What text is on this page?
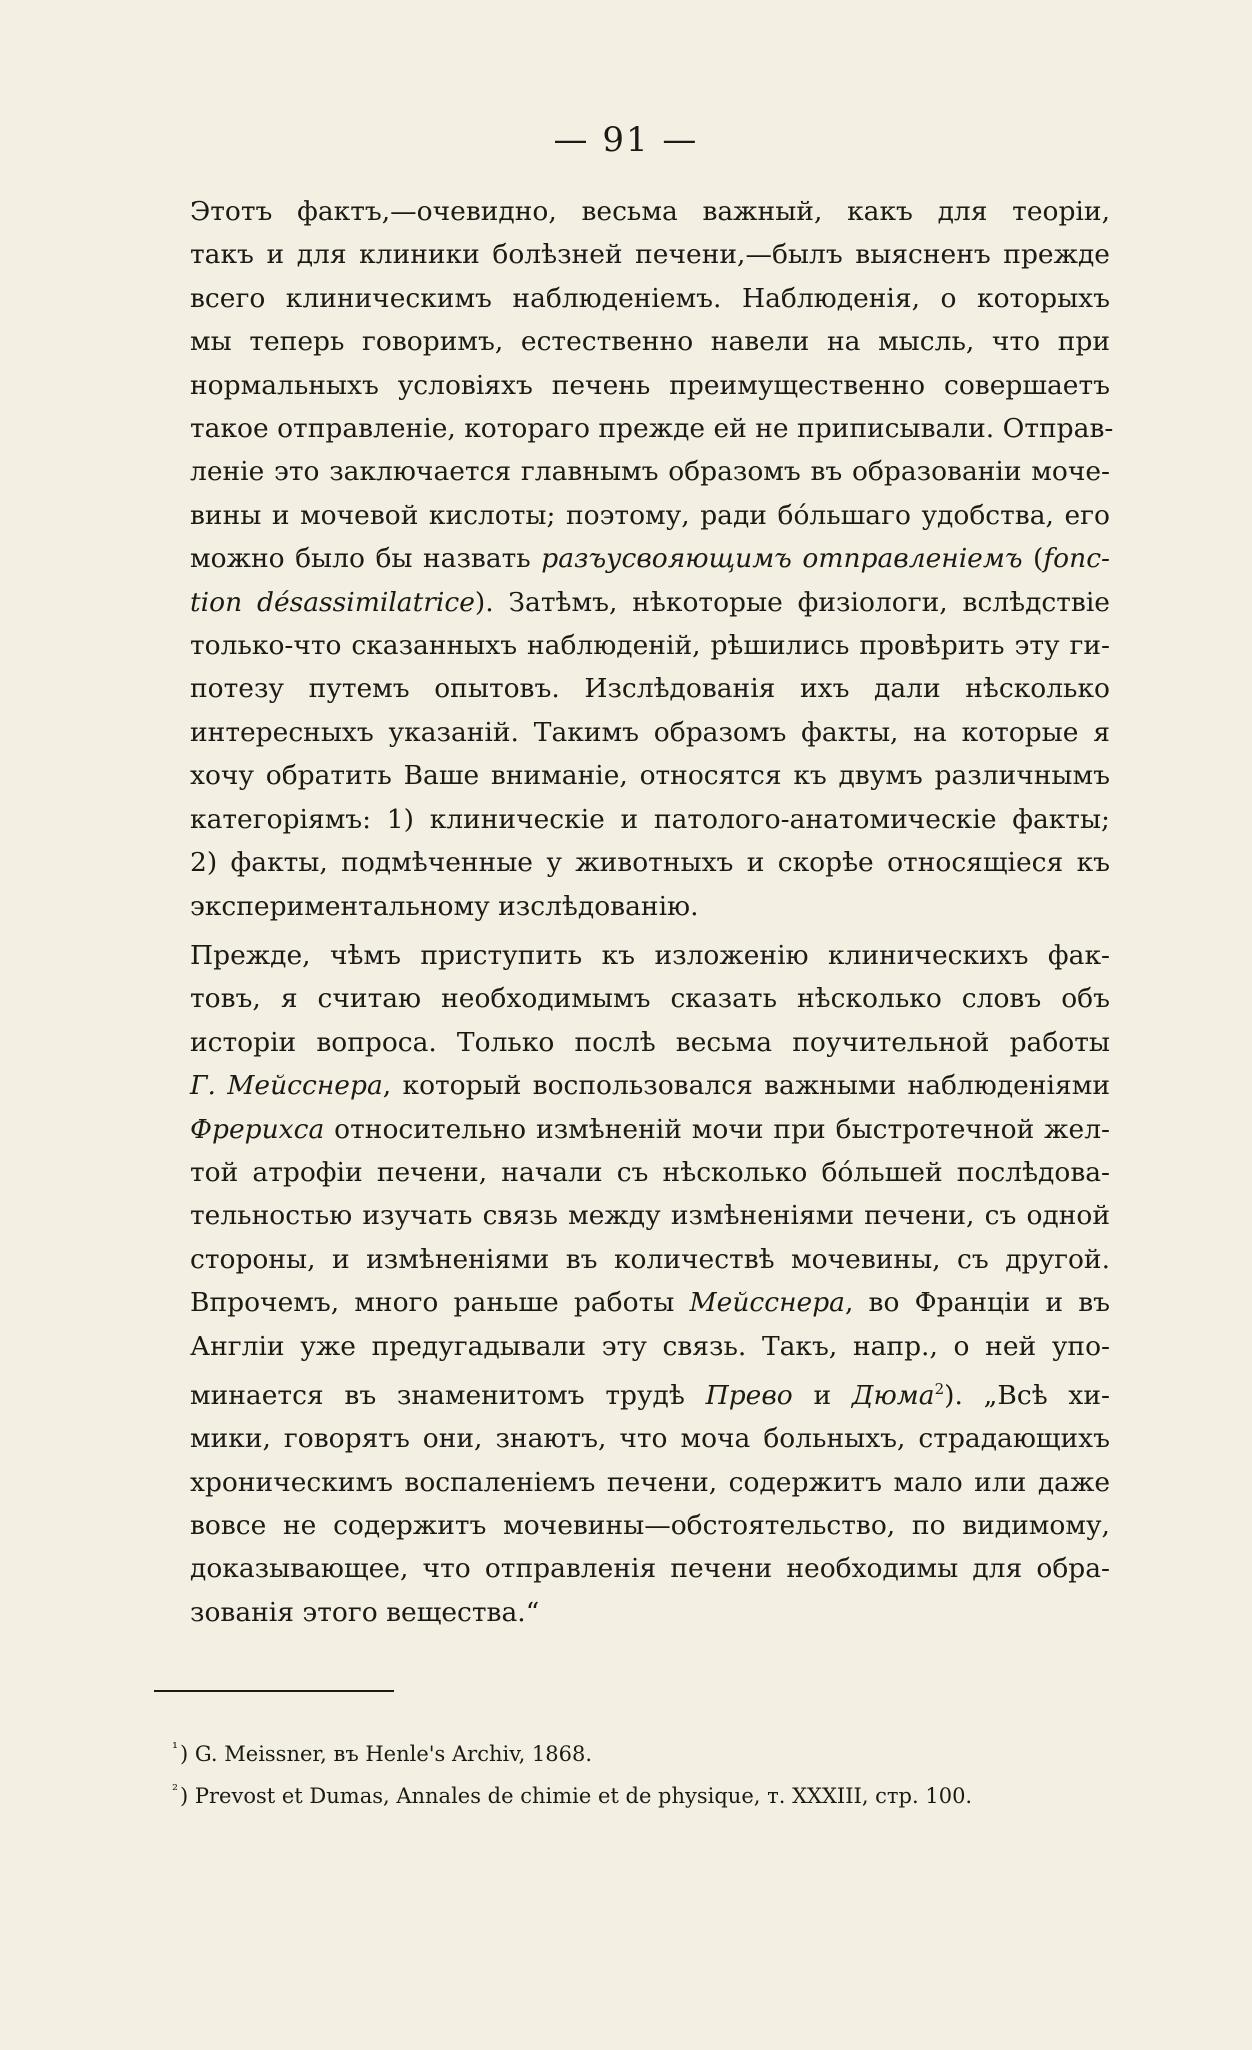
— 91 —

Этотъ фактъ,—очевидно, весьма важный, какъ для теоріи,
такъ и для клиники болѣзней печени,—былъ выясненъ прежде
всего клиническимъ наблюденіемъ. Наблюденія, о которыхъ
мы теперь говоримъ, естественно навели на мысль, что при
нормальныхъ условіяхъ печень преимущественно совершаетъ
такое отправленіе, котораго прежде ей не приписывали. Отправ-
леніе это заключается главнымъ образомъ въ образованіи моче-
вины и мочевой кислоты; поэтому, ради бо́льшаго удобства, его
можно было бы назвать разъусвояющимъ отправленіемъ (fonc-
tion désassimilatrice). Затѣмъ, нѣкоторые физіологи, вслѣдствіе
только-что сказанныхъ наблюденій, рѣшились провѣрить эту ги-
потезу путемъ опытовъ. Изслѣдованія ихъ дали нѣсколько
интересныхъ указаній. Такимъ образомъ факты, на которые я
хочу обратить Ваше вниманіе, относятся къ двумъ различнымъ
категоріямъ: 1) клиническіе и патолого-анатомическіе факты;
2) факты, подмѣченные у животныхъ и скорѣе относящіеся къ
экспериментальному изслѣдованію.

Прежде, чѣмъ приступить къ изложенію клиническихъ фак-
товъ, я считаю необходимымъ сказать нѣсколько словъ объ
исторіи вопроса. Только послѣ весьма поучительной работы
Г. Мейсснера, который воспользовался важными наблюденіями
Фрерихса относительно измѣненій мочи при быстротечной жел-
той атрофіи печени, начали съ нѣсколько бо́льшей послѣдова-
тельностью изучать связь между измѣненіями печени, съ одной
стороны, и измѣненіями въ количествѣ мочевины, съ другой.
Впрочемъ, много раньше работы Мейсснера, во Франціи и въ
Англіи уже предугадывали эту связь. Такъ, напр., о ней упо-
минается въ знаменитомъ трудѣ Прево и Дюма$^2$). „Всѣ хи-
мики, говорятъ они, знаютъ, что моча больныхъ, страдающихъ
хроническимъ воспаленіемъ печени, содержитъ мало или даже
вовсе не содержитъ мочевины—обстоятельство, по видимому,
доказывающее, что отправленія печени необходимы для обра-
зованія этого вещества.“

$^{^1}$) G. Meissner, въ Henle's Archiv, 1868.
$^{^2}$) Prevost et Dumas, Annales de chimie et de physique, т. XXXIII, стр. 100.
